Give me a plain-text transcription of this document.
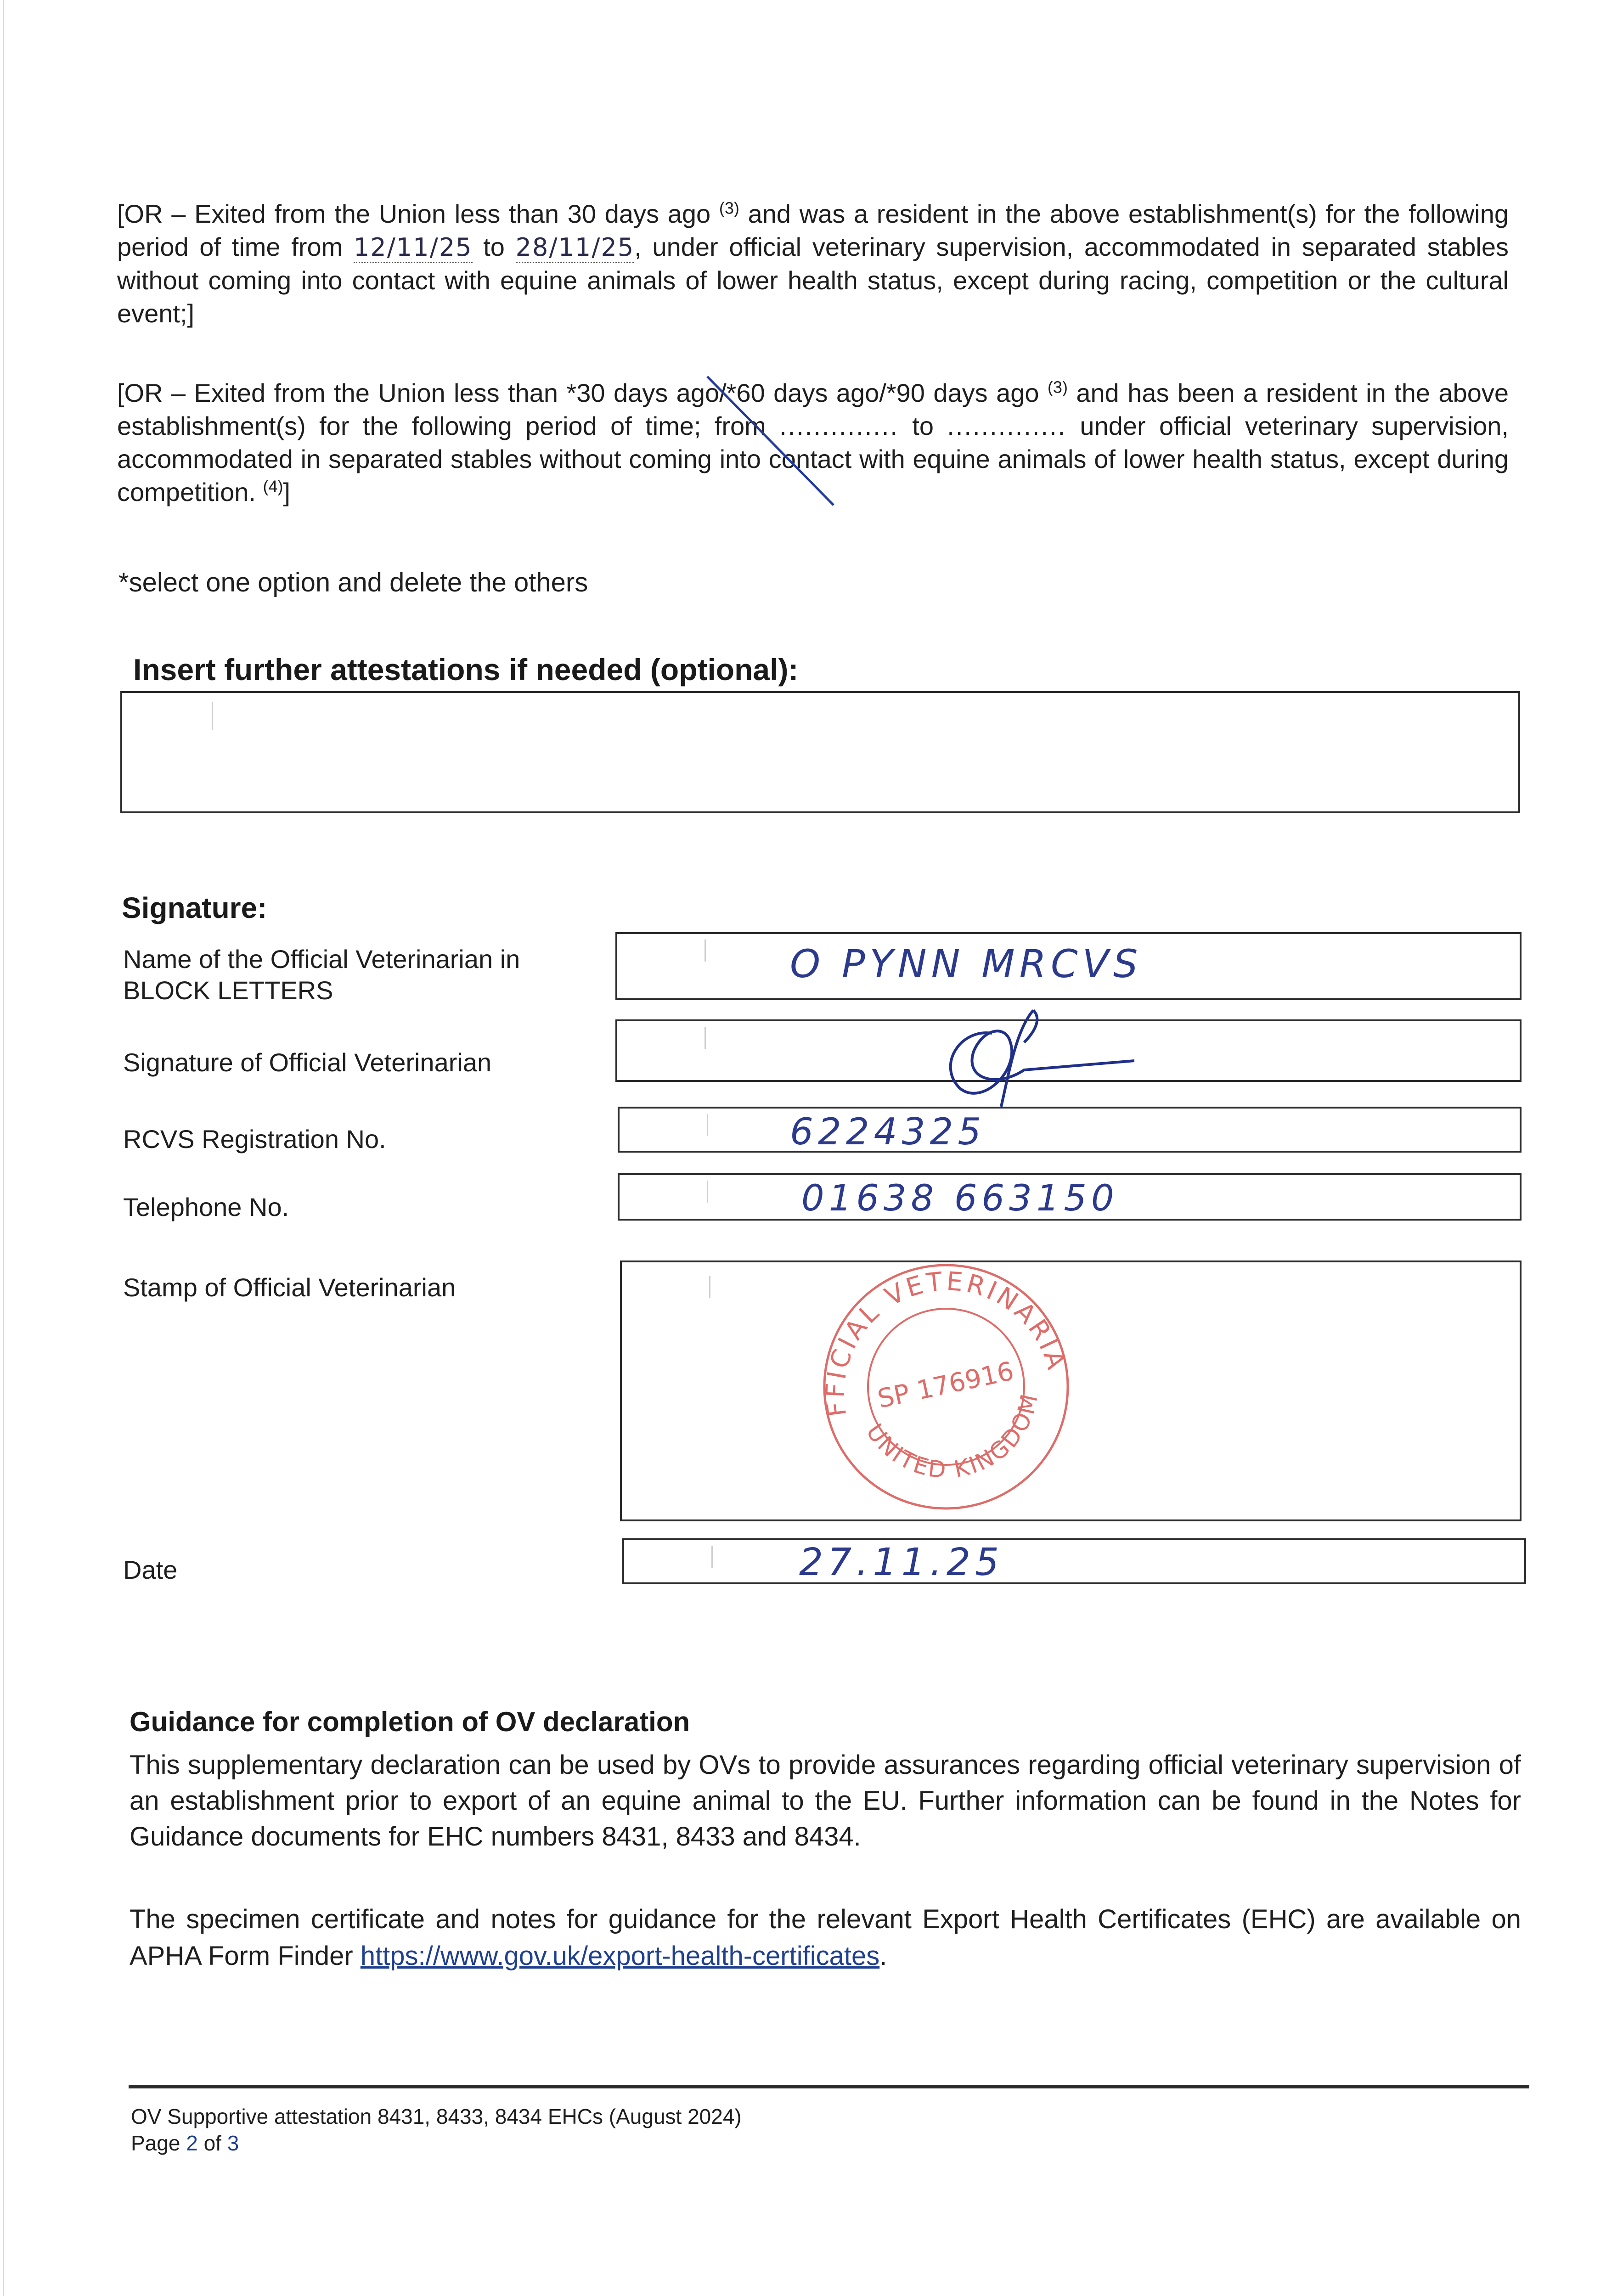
[OR – Exited from the Union less than 30 days ago $^{(3)}$ and was a resident in the above establishment(s) for the following period of time from 12/11/25 to 28/11/25, under official veterinary supervision, accommodated in separated stables without coming into contact with equine animals of lower health status, except during racing, competition or the cultural event;]
[OR – Exited from the Union less than *30 days ago/*60 days ago/*90 days ago $^{(3)}$ and has been a resident in the above establishment(s) for the following period of time; from .............. to .............. under official veterinary supervision, accommodated in separated stables without coming into contact with equine animals of lower health status, except during competition. $^{(4)}$]
*select one option and delete the others
Insert further attestations if needed (optional):
Signature:
Name of the Official Veterinarian in BLOCK LETTERS
O PYNN MRCVS
Signature of Official Veterinarian
RCVS Registration No.	6224325
Telephone No.	01638 663150
Stamp of Official Veterinarian	OFFICIAL VETERINARIAN
UNITED KINGDOM
SP 176916
Date	27.11.25
Guidance for completion of OV declaration
This supplementary declaration can be used by OVs to provide assurances regarding official veterinary supervision of an establishment prior to export of an equine animal to the EU. Further information can be found in the Notes for Guidance documents for EHC numbers 8431, 8433 and 8434.
The specimen certificate and notes for guidance for the relevant Export Health Certificates (EHC) are available on APHA Form Finder https://www.gov.uk/export-health-certificates.
OV Supportive attestation 8431, 8433, 8434 EHCs (August 2024)
Page 2 of 3
